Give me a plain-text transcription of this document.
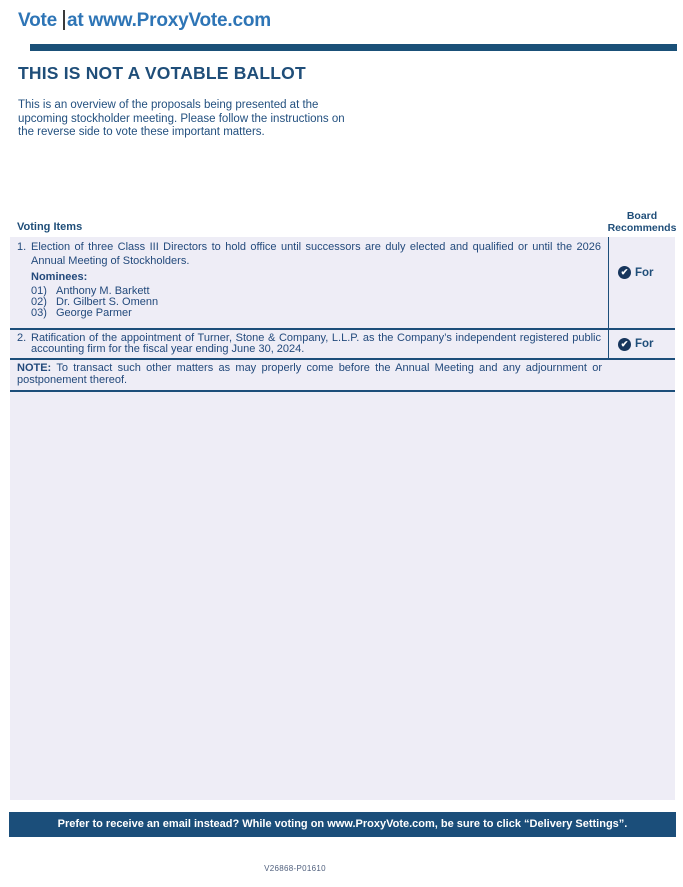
Vote at www.ProxyVote.com
THIS IS NOT A VOTABLE BALLOT
This is an overview of the proposals being presented at the
upcoming stockholder meeting. Please follow the instructions on
the reverse side to vote these important matters.
Voting Items
Board
Recommends
1. Election of three Class III Directors to hold office until successors are duly elected and qualified or until the 2026 Annual Meeting of Stockholders.
Nominees:
01) Anthony M. Barkett
02) Dr. Gilbert S. Omenn
03) George Parmer
✔ For
2. Ratification of the appointment of Turner, Stone & Company, L.L.P. as the Company’s independent registered public accounting firm for the fiscal year ending June 30, 2024.	✔ For
NOTE: To transact such other matters as may properly come before the Annual Meeting and any adjournment or postponement thereof.
Prefer to receive an email instead? While voting on www.ProxyVote.com, be sure to click “Delivery Settings”.
V26868-P01610
